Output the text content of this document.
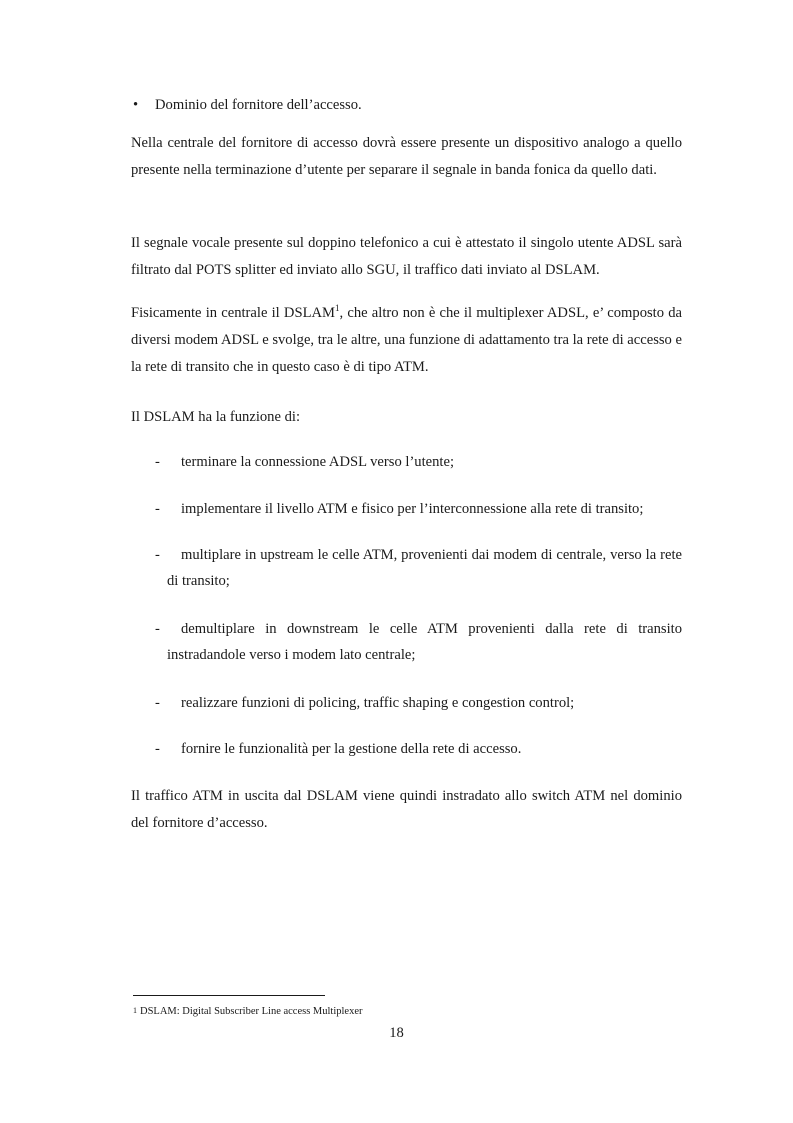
• Dominio del fornitore dell’accesso.

Nella centrale del fornitore di accesso dovrà essere presente un dispositivo analogo a quello presente nella terminazione d’utente per separare il segnale in banda fonica da quello dati.

Il segnale vocale presente sul doppino telefonico a cui è attestato il singolo utente ADSL sarà filtrato dal POTS splitter ed inviato allo SGU, il traffico dati inviato al DSLAM.

Fisicamente in centrale il DSLAM$^1$, che altro non è che il multiplexer ADSL, e’ composto da diversi modem ADSL e svolge, tra le altre, una funzione di adattamento tra la rete di accesso e la rete di transito che in questo caso è di tipo ATM.

Il DSLAM ha la funzione di:

-	terminare la connessione ADSL verso l’utente;
-	implementare il livello ATM e fisico per l’interconnessione alla rete di transito;
-	multiplare in upstream le celle ATM, provenienti dai modem di centrale, verso la rete di transito;
-	demultiplare in downstream le celle ATM provenienti dalla rete di transito instradandole verso i modem lato centrale;
-	realizzare funzioni di policing, traffic shaping e congestion control;
-	fornire le funzionalità per la gestione della rete di accesso.

Il traffico ATM in uscita dal DSLAM viene quindi instradato allo switch ATM nel dominio del fornitore d’accesso.

1 DSLAM: Digital Subscriber Line access Multiplexer
18
